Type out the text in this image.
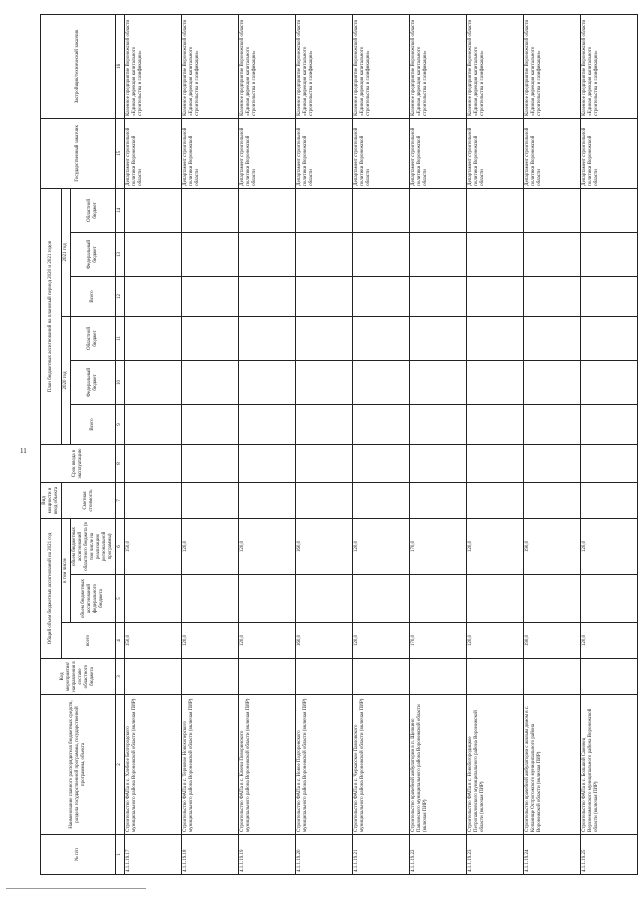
11
№ п/п	Наименование главного распорядителя бюджетных средств, раздела государственной программы, государственной программы, объекта	Код мероприятия/направления в составе областного бюджета	Общий объем бюджетных ассигнований на 2021 год			Вид мощности и ввод объекта	Срок ввода в эксплуатацию	План бюджетных ассигнований на плановый период 2020 и 2021 годов						Государственный заказчик	Застройщик/технический заказчик
			всего	в том числе		Сметная стоимость		2020 год			2021 год				
				объем бюджетных ассигнований федерального бюджета	объем бюджетных ассигнований областного бюджета (в том числе на реализацию региональной программы)			Всего	Федеральный бюджет	Областной бюджет	Всего	Федеральный бюджет	Областной бюджет		
1	2	3	4	5	6	7	8	9	10	11	12	13	14	15	16
4.1.1.19.17	Строительство ФАПа в с. Хлебное Белгородского муниципального района Воронежской области (включая ПИР)		150,0		150,0									Департамент строительной политики Воронежской области	Казенное предприятие Воронежской области «Единая дирекция капитального строительства и газификации»
4.1.1.19.18	Строительство ФАПа в с. Терновое Новохоперского муниципального района Воронежской области (включая ПИР)		120,0		120,0									Департамент строительной политики Воронежской области	Казенное предприятие Воронежской области «Единая дирекция капитального строительства и газификации»
4.1.1.19.19	Строительство ФАПа в с. Ключи Поворинского муниципального района Воронежской области (включая ПИР)		120,0		120,0									Департамент строительной политики Воронежской области	Казенное предприятие Воронежской области «Единая дирекция капитального строительства и газификации»
4.1.1.19.20	Строительство ФАПа в с. Новое Подгоренского муниципального района Воронежской области (включая ПИР)		160,0		160,0									Департамент строительной политики Воронежской области	Казенное предприятие Воронежской области «Единая дирекция капитального строительства и газификации»
4.1.1.19.21	Строительство ФАПа в с. Черкасское Павловского муниципального района Воронежской области (включая ПИР)		120,0		120,0									Департамент строительной политики Воронежской области	Казенное предприятие Воронежской области «Единая дирекция капитального строительства и газификации»
4.1.1.19.22	Строительство врачебной амбулатории в п. Щепкино Павловского муниципального района Воронежской области (включая ПИР)		170,0		170,0									Департамент строительной политики Воронежской области	Казенное предприятие Воронежской области «Единая дирекция капитального строительства и газификации»
4.1.1.19.23	Строительство ФАПа в с. Новобогородицкое Петропавловского муниципального района Воронежской области (включая ПИР)		120,0		120,0									Департамент строительной политики Воронежской области	Казенное предприятие Воронежской области «Единая дирекция капитального строительства и газификации»
4.1.1.19.24	Строительство врачебной амбулатории с жилым домом в с. Копанище Острогожского муниципального района Воронежской области (включая ПИР)		190,0		190,0									Департамент строительной политики Воронежской области	Казенное предприятие Воронежской области «Единая дирекция капитального строительства и газификации»
4.1.1.19.25	Строительство ФАПа в с. Большой Самовец Верхнемамонского муниципального района Воронежской области (включая ПИР)		120,0		120,0									Департамент строительной политики Воронежской области	Казенное предприятие Воронежской области «Единая дирекция капитального строительства и газификации»
